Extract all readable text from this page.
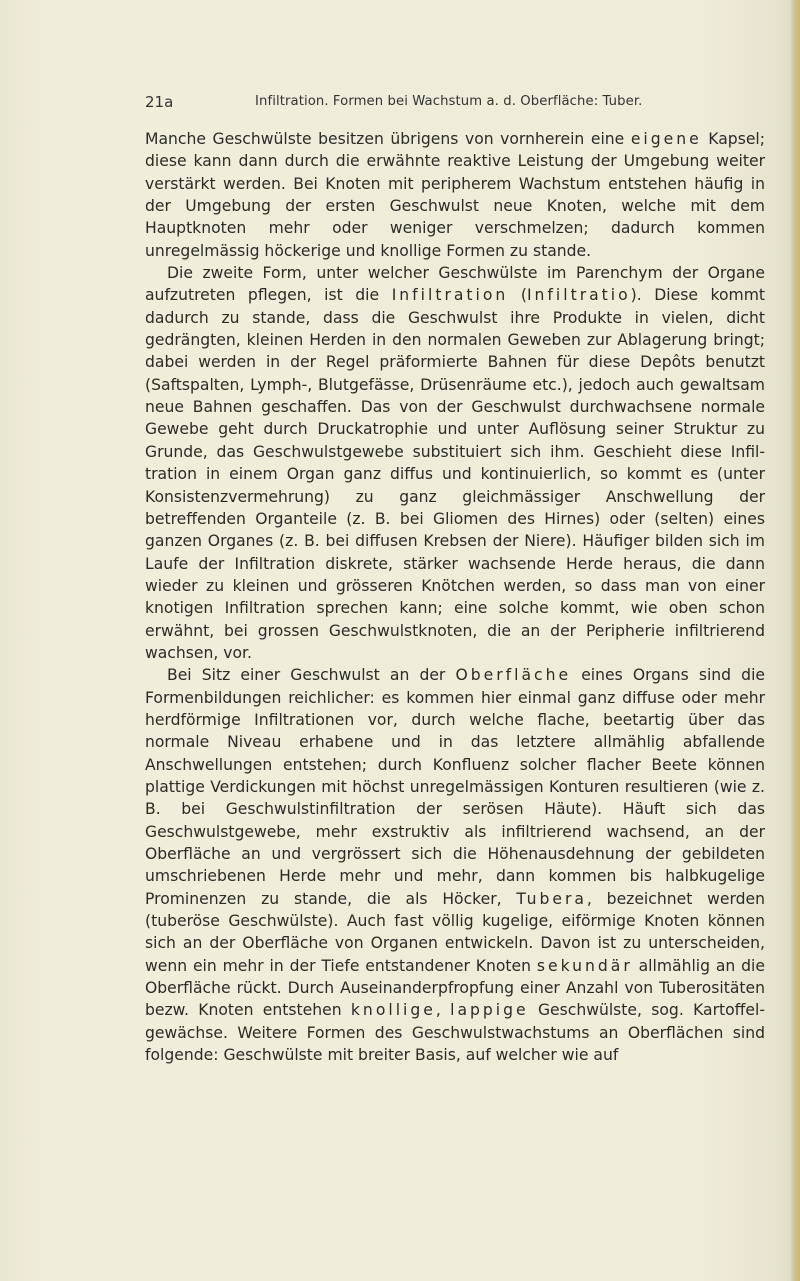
21a	Infiltration. Formen bei Wachstum a. d. Oberfläche: Tuber.

Manche Geschwülste besitzen übrigens von vornherein eine eigene Kapsel; diese kann dann durch die erwähnte reaktive Leistung der Umgebung weiter verstärkt werden. Bei Knoten mit peripherem Wachstum entstehen häufig in der Umgebung der ersten Geschwulst neue Knoten, welche mit dem Hauptknoten mehr oder weniger verschmelzen; dadurch kommen unregelmässig höckerige und knollige Formen zu stande.

Die zweite Form, unter welcher Geschwülste im Parenchym der Organe aufzutreten pflegen, ist die Infiltration (Infiltratio). Diese kommt dadurch zu stande, dass die Geschwulst ihre Produkte in vielen, dicht gedrängten, kleinen Herden in den normalen Geweben zur Ablagerung bringt; dabei werden in der Regel präformierte Bahnen für diese Depôts benutzt (Saftspalten, Lymph-, Blutgefässe, Drüsenräume etc.), jedoch auch gewaltsam neue Bahnen geschaffen. Das von der Geschwulst durchwachsene normale Gewebe geht durch Druckatrophie und unter Auflösung seiner Struktur zu Grunde, das Geschwulstgewebe substituiert sich ihm. Geschieht diese Infiltration in einem Organ ganz diffus und kontinuierlich, so kommt es (unter Konsistenzvermehrung) zu ganz gleichmässiger Anschwellung der betreffenden Organteile (z. B. bei Gliomen des Hirnes) oder (selten) eines ganzen Organes (z. B. bei diffusen Krebsen der Niere). Häufiger bilden sich im Laufe der Infiltration diskrete, stärker wachsende Herde heraus, die dann wieder zu kleinen und grösseren Knötchen werden, so dass man von einer knotigen Infiltration sprechen kann; eine solche kommt, wie oben schon erwähnt, bei grossen Geschwulstknoten, die an der Peripherie infiltrierend wachsen, vor.

Bei Sitz einer Geschwulst an der Oberfläche eines Organs sind die Formenbildungen reichlicher: es kommen hier einmal ganz diffuse oder mehr herdförmige Infiltrationen vor, durch welche flache, beetartig über das normale Niveau erhabene und in das letztere allmählig abfallende Anschwellungen entstehen; durch Konfluenz solcher flacher Beete können plattige Verdickungen mit höchst unregelmässigen Konturen resultieren (wie z. B. bei Geschwulstinfiltration der serösen Häute). Häuft sich das Geschwulstgewebe, mehr exstruktiv als infiltrierend wachsend, an der Oberfläche an und vergrössert sich die Höhenausdehnung der gebildeten umschriebenen Herde mehr und mehr, dann kommen bis halbkugelige Prominenzen zu stande, die als Höcker, Tubera, bezeichnet werden (tuberöse Geschwülste). Auch fast völlig kugelige, eiförmige Knoten können sich an der Oberfläche von Organen entwickeln. Davon ist zu unterscheiden, wenn ein mehr in der Tiefe entstandener Knoten sekundär allmählig an die Oberfläche rückt. Durch Auseinanderpfropfung einer Anzahl von Tuberositäten bezw. Knoten entstehen knollige, lappige Geschwülste, sog. Kartoffelgewächse. Weitere Formen des Geschwulstwachstums an Oberflächen sind folgende: Geschwülste mit breiter Basis, auf welcher wie auf
